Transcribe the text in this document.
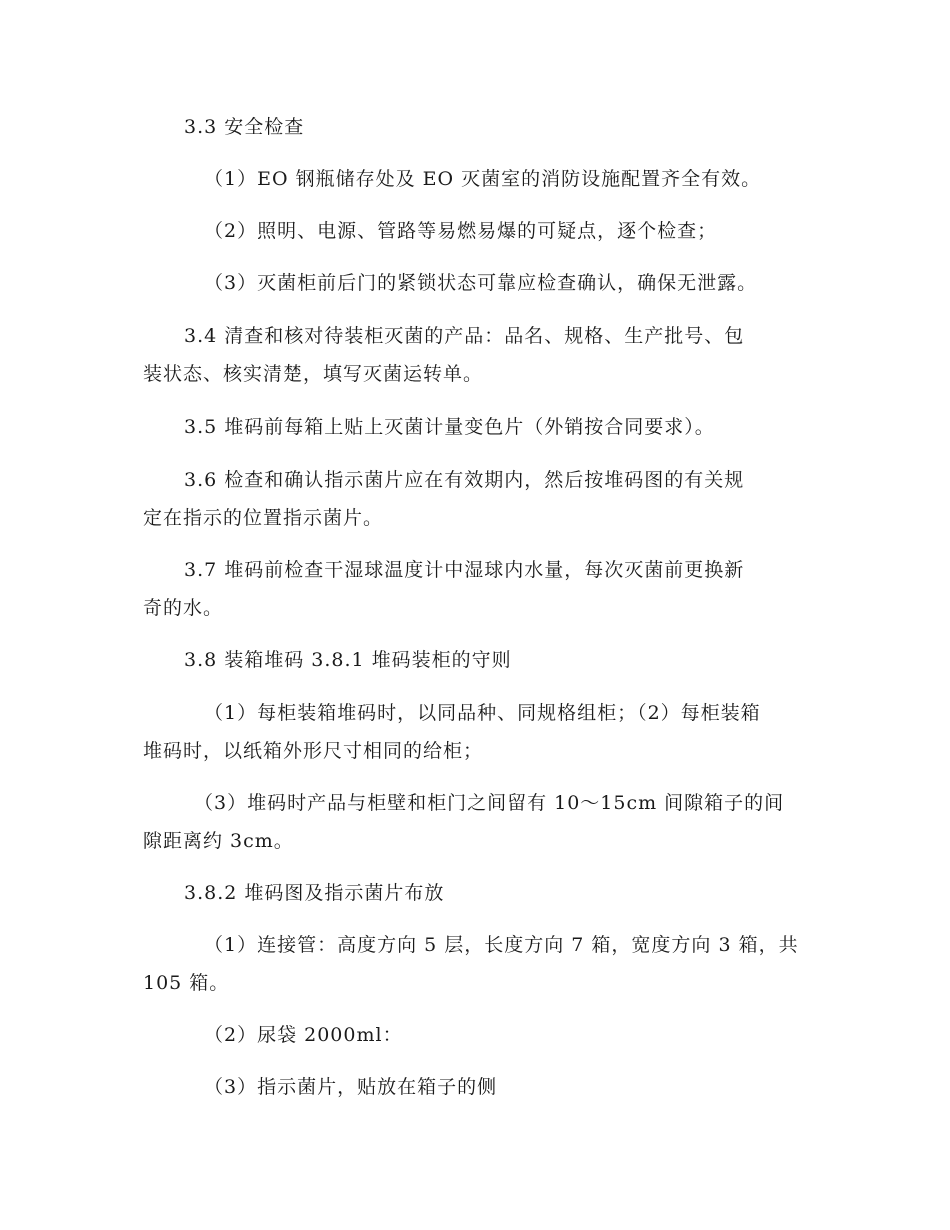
3.3 安全检查
（1）EO 钢瓶储存处及 EO 灭菌室的消防设施配置齐全有效。
（2）照明、电源、管路等易燃易爆的可疑点，逐个检查；
（3）灭菌柜前后门的紧锁状态可靠应检查确认，确保无泄露。
3.4 清查和核对待装柜灭菌的产品：品名、规格、生产批号、包
装状态、核实清楚，填写灭菌运转单。
3.5 堆码前每箱上贴上灭菌计量变色片（外销按合同要求）。
3.6 检查和确认指示菌片应在有效期内，然后按堆码图的有关规
定在指示的位置指示菌片。
3.7 堆码前检查干湿球温度计中湿球内水量，每次灭菌前更换新
奇的水。
3.8 装箱堆码 3.8.1 堆码装柜的守则
（1）每柜装箱堆码时，以同品种、同规格组柜；（2）每柜装箱
堆码时，以纸箱外形尺寸相同的给柜；
（3）堆码时产品与柜壁和柜门之间留有 10～15cm 间隙箱子的间
隙距离约 3cm。
3.8.2 堆码图及指示菌片布放
（1）连接管：高度方向 5 层，长度方向 7 箱，宽度方向 3 箱，共
105 箱。
（2）尿袋 2000ml：
（3）指示菌片，贴放在箱子的侧
